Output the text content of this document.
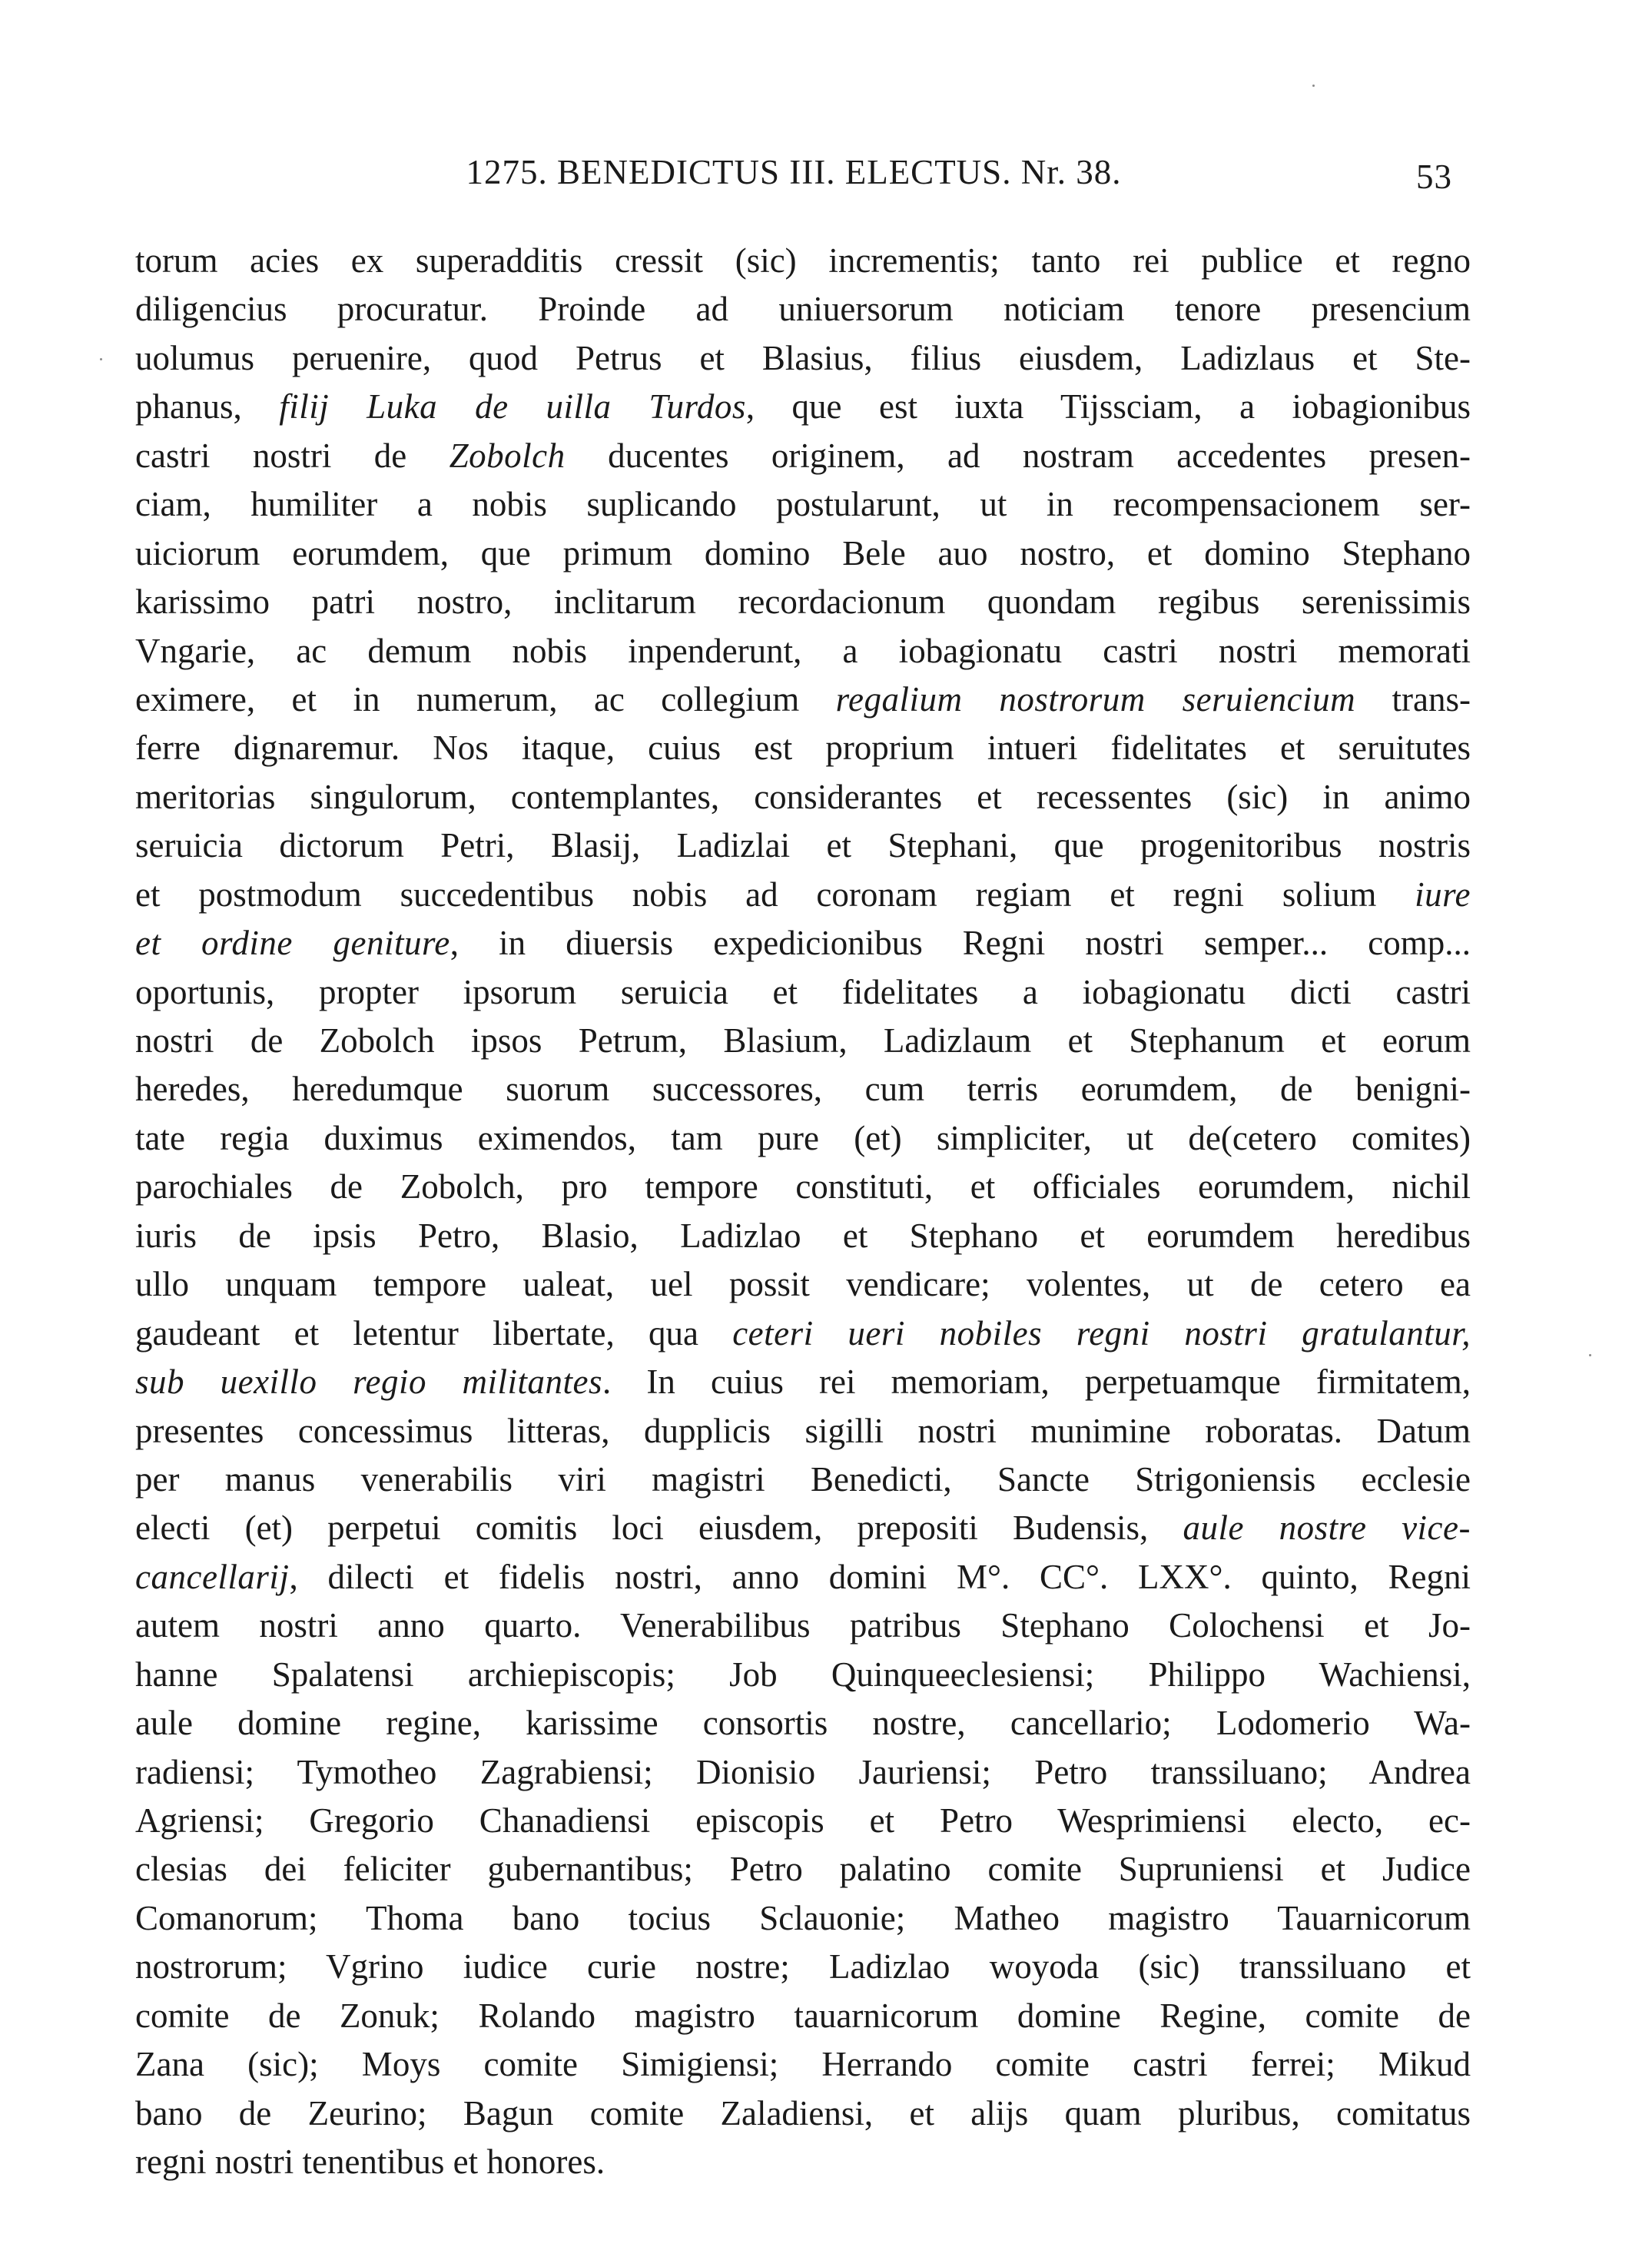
1275. BENEDICTUS III. ELECTUS. Nr. 38.	53
torum acies ex superadditis cressit (sic) incrementis; tanto rei publice et regno
diligencius procuratur. Proinde ad uniuersorum noticiam tenore presencium
uolumus peruenire, quod Petrus et Blasius, filius eiusdem, Ladizlaus et Ste-
phanus, filij Luka de uilla Turdos, que est iuxta Tijssciam, a iobagionibus
castri nostri de Zobolch ducentes originem, ad nostram accedentes presen-
ciam, humiliter a nobis suplicando postularunt, ut in recompensacionem ser-
uiciorum eorumdem, que primum domino Bele auo nostro, et domino Stephano
karissimo patri nostro, inclitarum recordacionum quondam regibus serenissimis
Vngarie, ac demum nobis inpenderunt, a iobagionatu castri nostri memorati
eximere, et in numerum, ac collegium regalium nostrorum seruiencium trans-
ferre dignaremur. Nos itaque, cuius est proprium intueri fidelitates et seruitutes
meritorias singulorum, contemplantes, considerantes et recessentes (sic) in animo
seruicia dictorum Petri, Blasij, Ladizlai et Stephani, que progenitoribus nostris
et postmodum succedentibus nobis ad coronam regiam et regni solium iure
et ordine geniture, in diuersis expedicionibus Regni nostri semper... comp...
oportunis, propter ipsorum seruicia et fidelitates a iobagionatu dicti castri
nostri de Zobolch ipsos Petrum, Blasium, Ladizlaum et Stephanum et eorum
heredes, heredumque suorum successores, cum terris eorumdem, de benigni-
tate regia duximus eximendos, tam pure (et) simpliciter, ut de(cetero comites)
parochiales de Zobolch, pro tempore constituti, et officiales eorumdem, nichil
iuris de ipsis Petro, Blasio, Ladizlao et Stephano et eorumdem heredibus
ullo unquam tempore ualeat, uel possit vendicare; volentes, ut de cetero ea
gaudeant et letentur libertate, qua ceteri ueri nobiles regni nostri gratulantur,
sub uexillo regio militantes. In cuius rei memoriam, perpetuamque firmitatem,
presentes concessimus litteras, dupplicis sigilli nostri munimine roboratas. Datum
per manus venerabilis viri magistri Benedicti, Sancte Strigoniensis ecclesie
electi (et) perpetui comitis loci eiusdem, prepositi Budensis, aule nostre vice-
cancellarij, dilecti et fidelis nostri, anno domini M°. CC°. LXX°. quinto, Regni
autem nostri anno quarto. Venerabilibus patribus Stephano Colochensi et Jo-
hanne Spalatensi archiepiscopis; Job Quinqueeclesiensi; Philippo Wachiensi,
aule domine regine, karissime consortis nostre, cancellario; Lodomerio Wa-
radiensi; Tymotheo Zagrabiensi; Dionisio Jauriensi; Petro transsiluano; Andrea
Agriensi; Gregorio Chanadiensi episcopis et Petro Wesprimiensi electo, ec-
clesias dei feliciter gubernantibus; Petro palatino comite Supruniensi et Judice
Comanorum; Thoma bano tocius Sclauonie; Matheo magistro Tauarnicorum
nostrorum; Vgrino iudice curie nostre; Ladizlao woyoda (sic) transsiluano et
comite de Zonuk; Rolando magistro tauarnicorum domine Regine, comite de
Zana (sic); Moys comite Simigiensi; Herrando comite castri ferrei; Mikud
bano de Zeurino; Bagun comite Zaladiensi, et alijs quam pluribus, comitatus
regni nostri tenentibus et honores.
